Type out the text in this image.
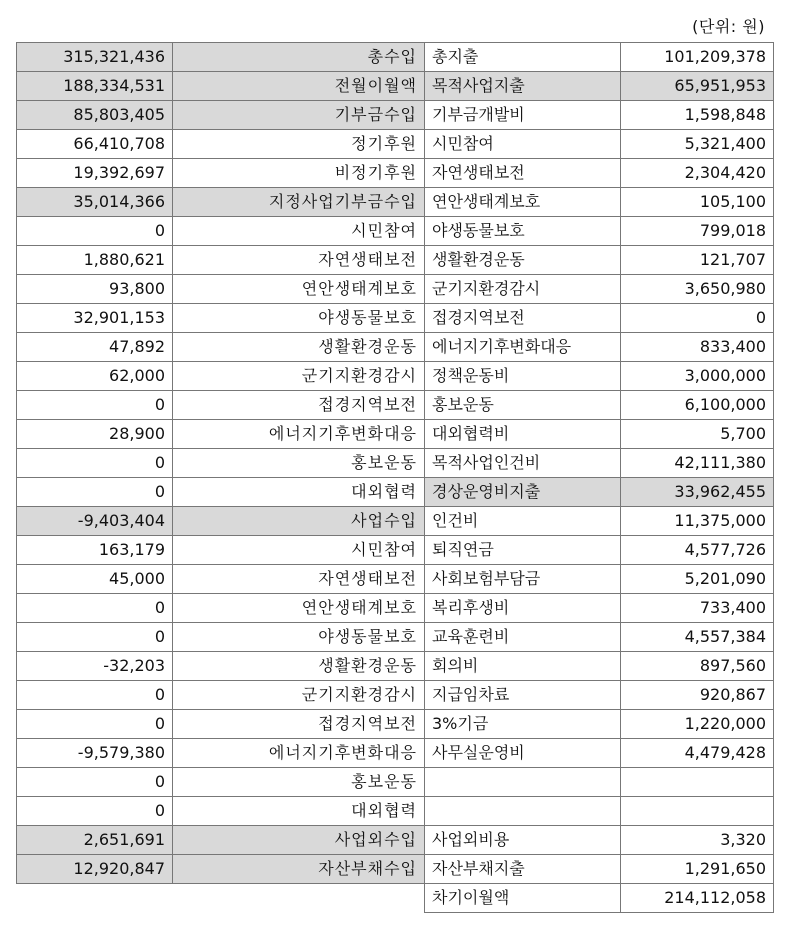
(단위: 원)
315,321,436	총수입	총지출	101,209,378
188,334,531	전월이월액	목적사업지출	65,951,953
85,803,405	기부금수입	기부금개발비	1,598,848
66,410,708	정기후원	시민참여	5,321,400
19,392,697	비정기후원	자연생태보전	2,304,420
35,014,366	지정사업기부금수입	연안생태계보호	105,100
0	시민참여	야생동물보호	799,018
1,880,621	자연생태보전	생활환경운동	121,707
93,800	연안생태계보호	군기지환경감시	3,650,980
32,901,153	야생동물보호	접경지역보전	0
47,892	생활환경운동	에너지기후변화대응	833,400
62,000	군기지환경감시	정책운동비	3,000,000
0	접경지역보전	홍보운동	6,100,000
28,900	에너지기후변화대응	대외협력비	5,700
0	홍보운동	목적사업인건비	42,111,380
0	대외협력	경상운영비지출	33,962,455
-9,403,404	사업수입	인건비	11,375,000
163,179	시민참여	퇴직연금	4,577,726
45,000	자연생태보전	사회보험부담금	5,201,090
0	연안생태계보호	복리후생비	733,400
0	야생동물보호	교육훈련비	4,557,384
-32,203	생활환경운동	회의비	897,560
0	군기지환경감시	지급임차료	920,867
0	접경지역보전	3%기금	1,220,000
-9,579,380	에너지기후변화대응	사무실운영비	4,479,428
0	홍보운동		
0	대외협력		
2,651,691	사업외수입	사업외비용	3,320
12,920,847	자산부채수입	자산부채지출	1,291,650
		차기이월액	214,112,058
